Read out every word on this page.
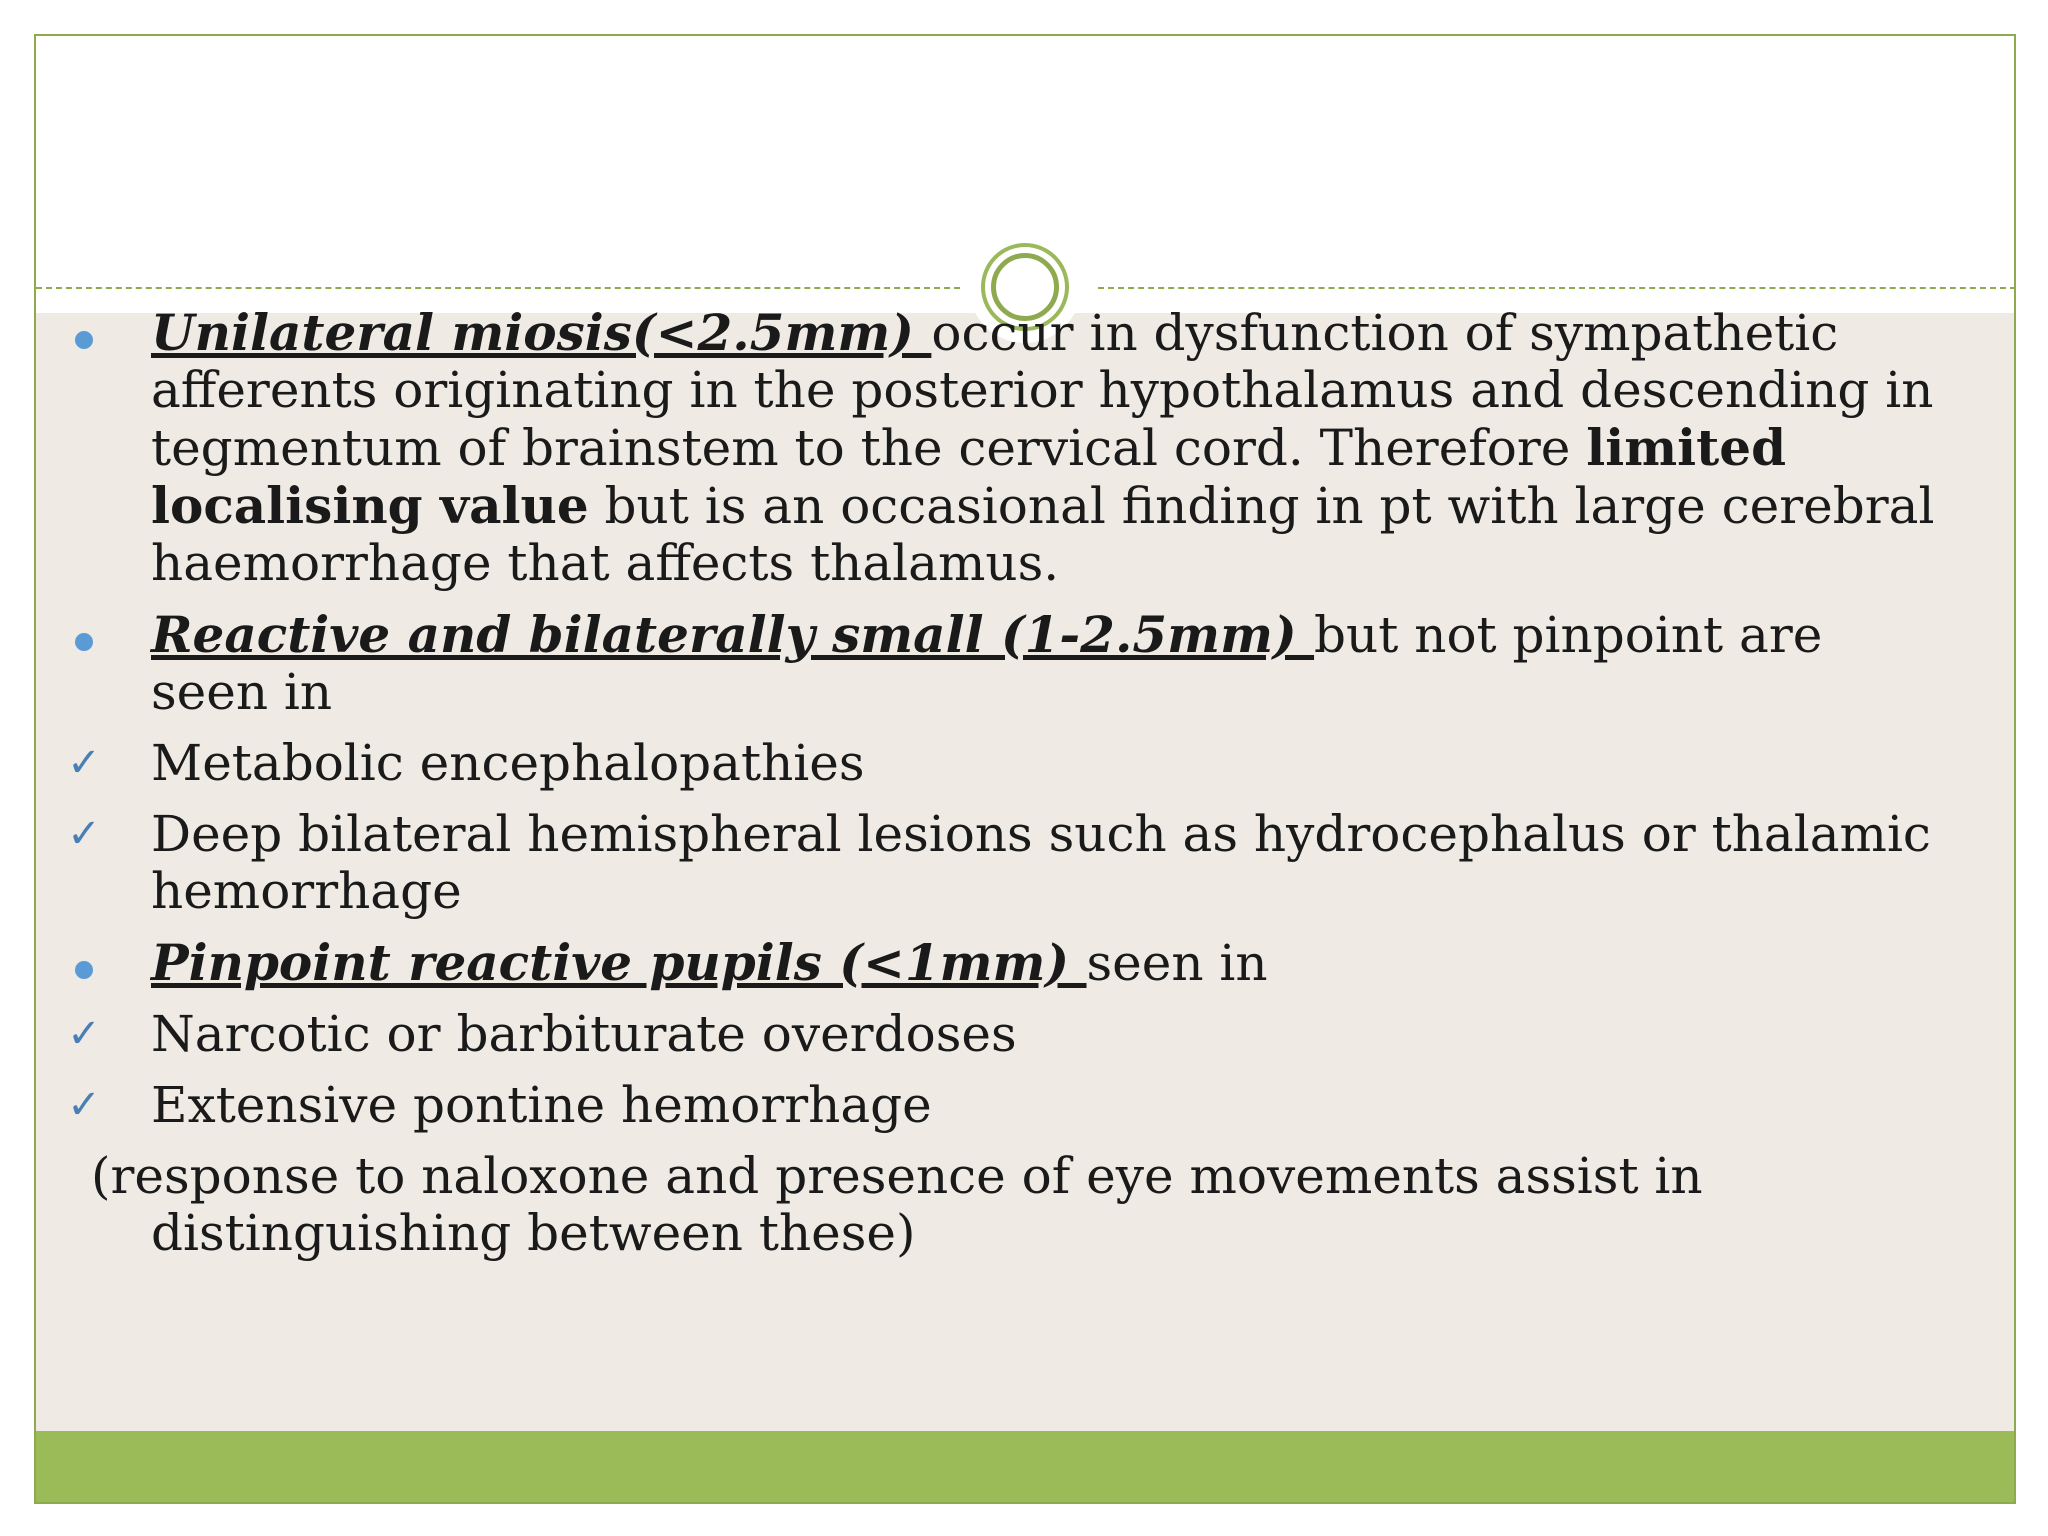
Unilateral miosis(<2.5mm) occur in dysfunction of sympathetic afferents originating in the posterior hypothalamus and descending in tegmentum of brainstem to the cervical cord. Therefore limited localising value but is an occasional finding in pt with large cerebral haemorrhage that affects thalamus.
Reactive and bilaterally small (1-2.5mm) but not pinpoint are seen in
✓ Metabolic encephalopathies
✓ Deep bilateral hemispheral lesions such as hydrocephalus or thalamic hemorrhage
Pinpoint reactive pupils (<1mm) seen in
✓ Narcotic or barbiturate overdoses
✓ Extensive pontine hemorrhage
(response to naloxone and presence of eye movements assist in distinguishing between these)
